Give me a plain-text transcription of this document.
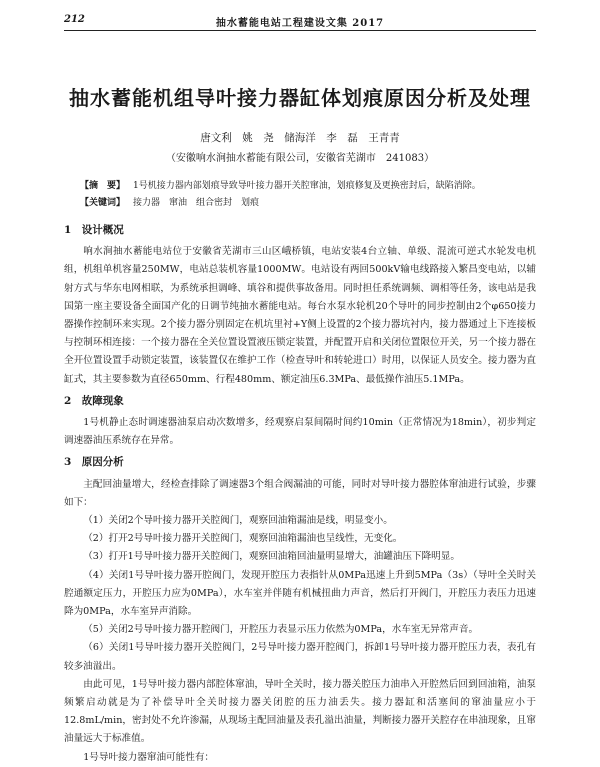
212	抽水蓄能电站工程建设文集 2017
抽水蓄能机组导叶接力器缸体划痕原因分析及处理
唐文利　姚　尧　储海洋　李　磊　王青青
（安徽响水涧抽水蓄能有限公司，安徽省芜湖市　241083）
【摘　要】 1号机接力器内部划痕导致导叶接力器开关腔窜油，划痕修复及更换密封后，缺陷消除。
【关键词】 接力器　窜油　组合密封　划痕
1　设计概况

响水涧抽水蓄能电站位于安徽省芜湖市三山区峨桥镇，电站安装4台立轴、单级、混流可逆式水轮发电机组，机组单机容量250MW，电站总装机容量1000MW。电站设有两回500kV输电线路接入繁昌变电站，以辅射方式与华东电网相联，为系统承担调峰、填谷和提供事故备用。同时担任系统调频、调相等任务，该电站是我国第一座主要设备全面国产化的日调节纯抽水蓄能电站。每台水泵水轮机20个导叶的同步控制由2个φ650接力器操作控制环来实现。2个接力器分别固定在机坑里衬+Y侧上设置的2个接力器坑衬内，接力器通过上下连接板与控制环相连接：一个接力器在全关位置设置液压锁定装置，并配置开启和关闭位置限位开关，另一个接力器在全开位置设置手动锁定装置，该装置仅在维护工作（检查导叶和转轮进口）时用，以保证人员安全。接力器为直缸式，其主要参数为直径650mm、行程480mm、额定油压6.3MPa、最低操作油压5.1MPa。

2　故障现象

1号机静止态时调速器油泵启动次数增多，经观察启泵间隔时间约10min（正常情况为18min），初步判定调速器油压系统存在异常。

3　原因分析

主配回油量增大，经检查排除了调速器3个组合阀漏油的可能，同时对导叶接力器腔体窜油进行试验，步骤如下：

（1）关闭2个导叶接力器开关腔阀门，观察回油箱漏油是线，明显变小。

（2）打开2号导叶接力器开关腔阀门，观察回油箱漏油也呈线性，无变化。

（3）打开1号导叶接力器开关腔阀门，观察回油箱回油量明显增大，油罐油压下降明显。

（4）关闭1号导叶接力器开腔阀门，发现开腔压力表指针从0MPa迅速上升到5MPa（3s）（导叶全关时关腔通额定压力，开腔压力应为0MPa），水车室并伴随有机械扭曲力声音，然后打开阀门，开腔压力表压力迅速降为0MPa，水车室异声消除。

（5）关闭2号导叶接力器开腔阀门，开腔压力表显示压力依然为0MPa，水车室无异常声音。

（6）关闭1号导叶接力器开关腔阀门，2号导叶接力器开腔阀门，拆卸1号导叶接力器开腔压力表，表孔有较多油溢出。

由此可见，1号导叶接力器内部腔体窜油，导叶全关时，接力器关腔压力油串入开腔然后回到回油箱，油泵频繁启动就是为了补偿导叶全关时接力器关闭腔的压力油丢失。接力器缸和活塞间的窜油量应小于12.8mL/min，密封处不允许渗漏，从现场主配回油量及表孔溢出油量，判断接力器开关腔存在串油现象，且窜油量远大于标准值。

1号导叶接力器窜油可能性有：
